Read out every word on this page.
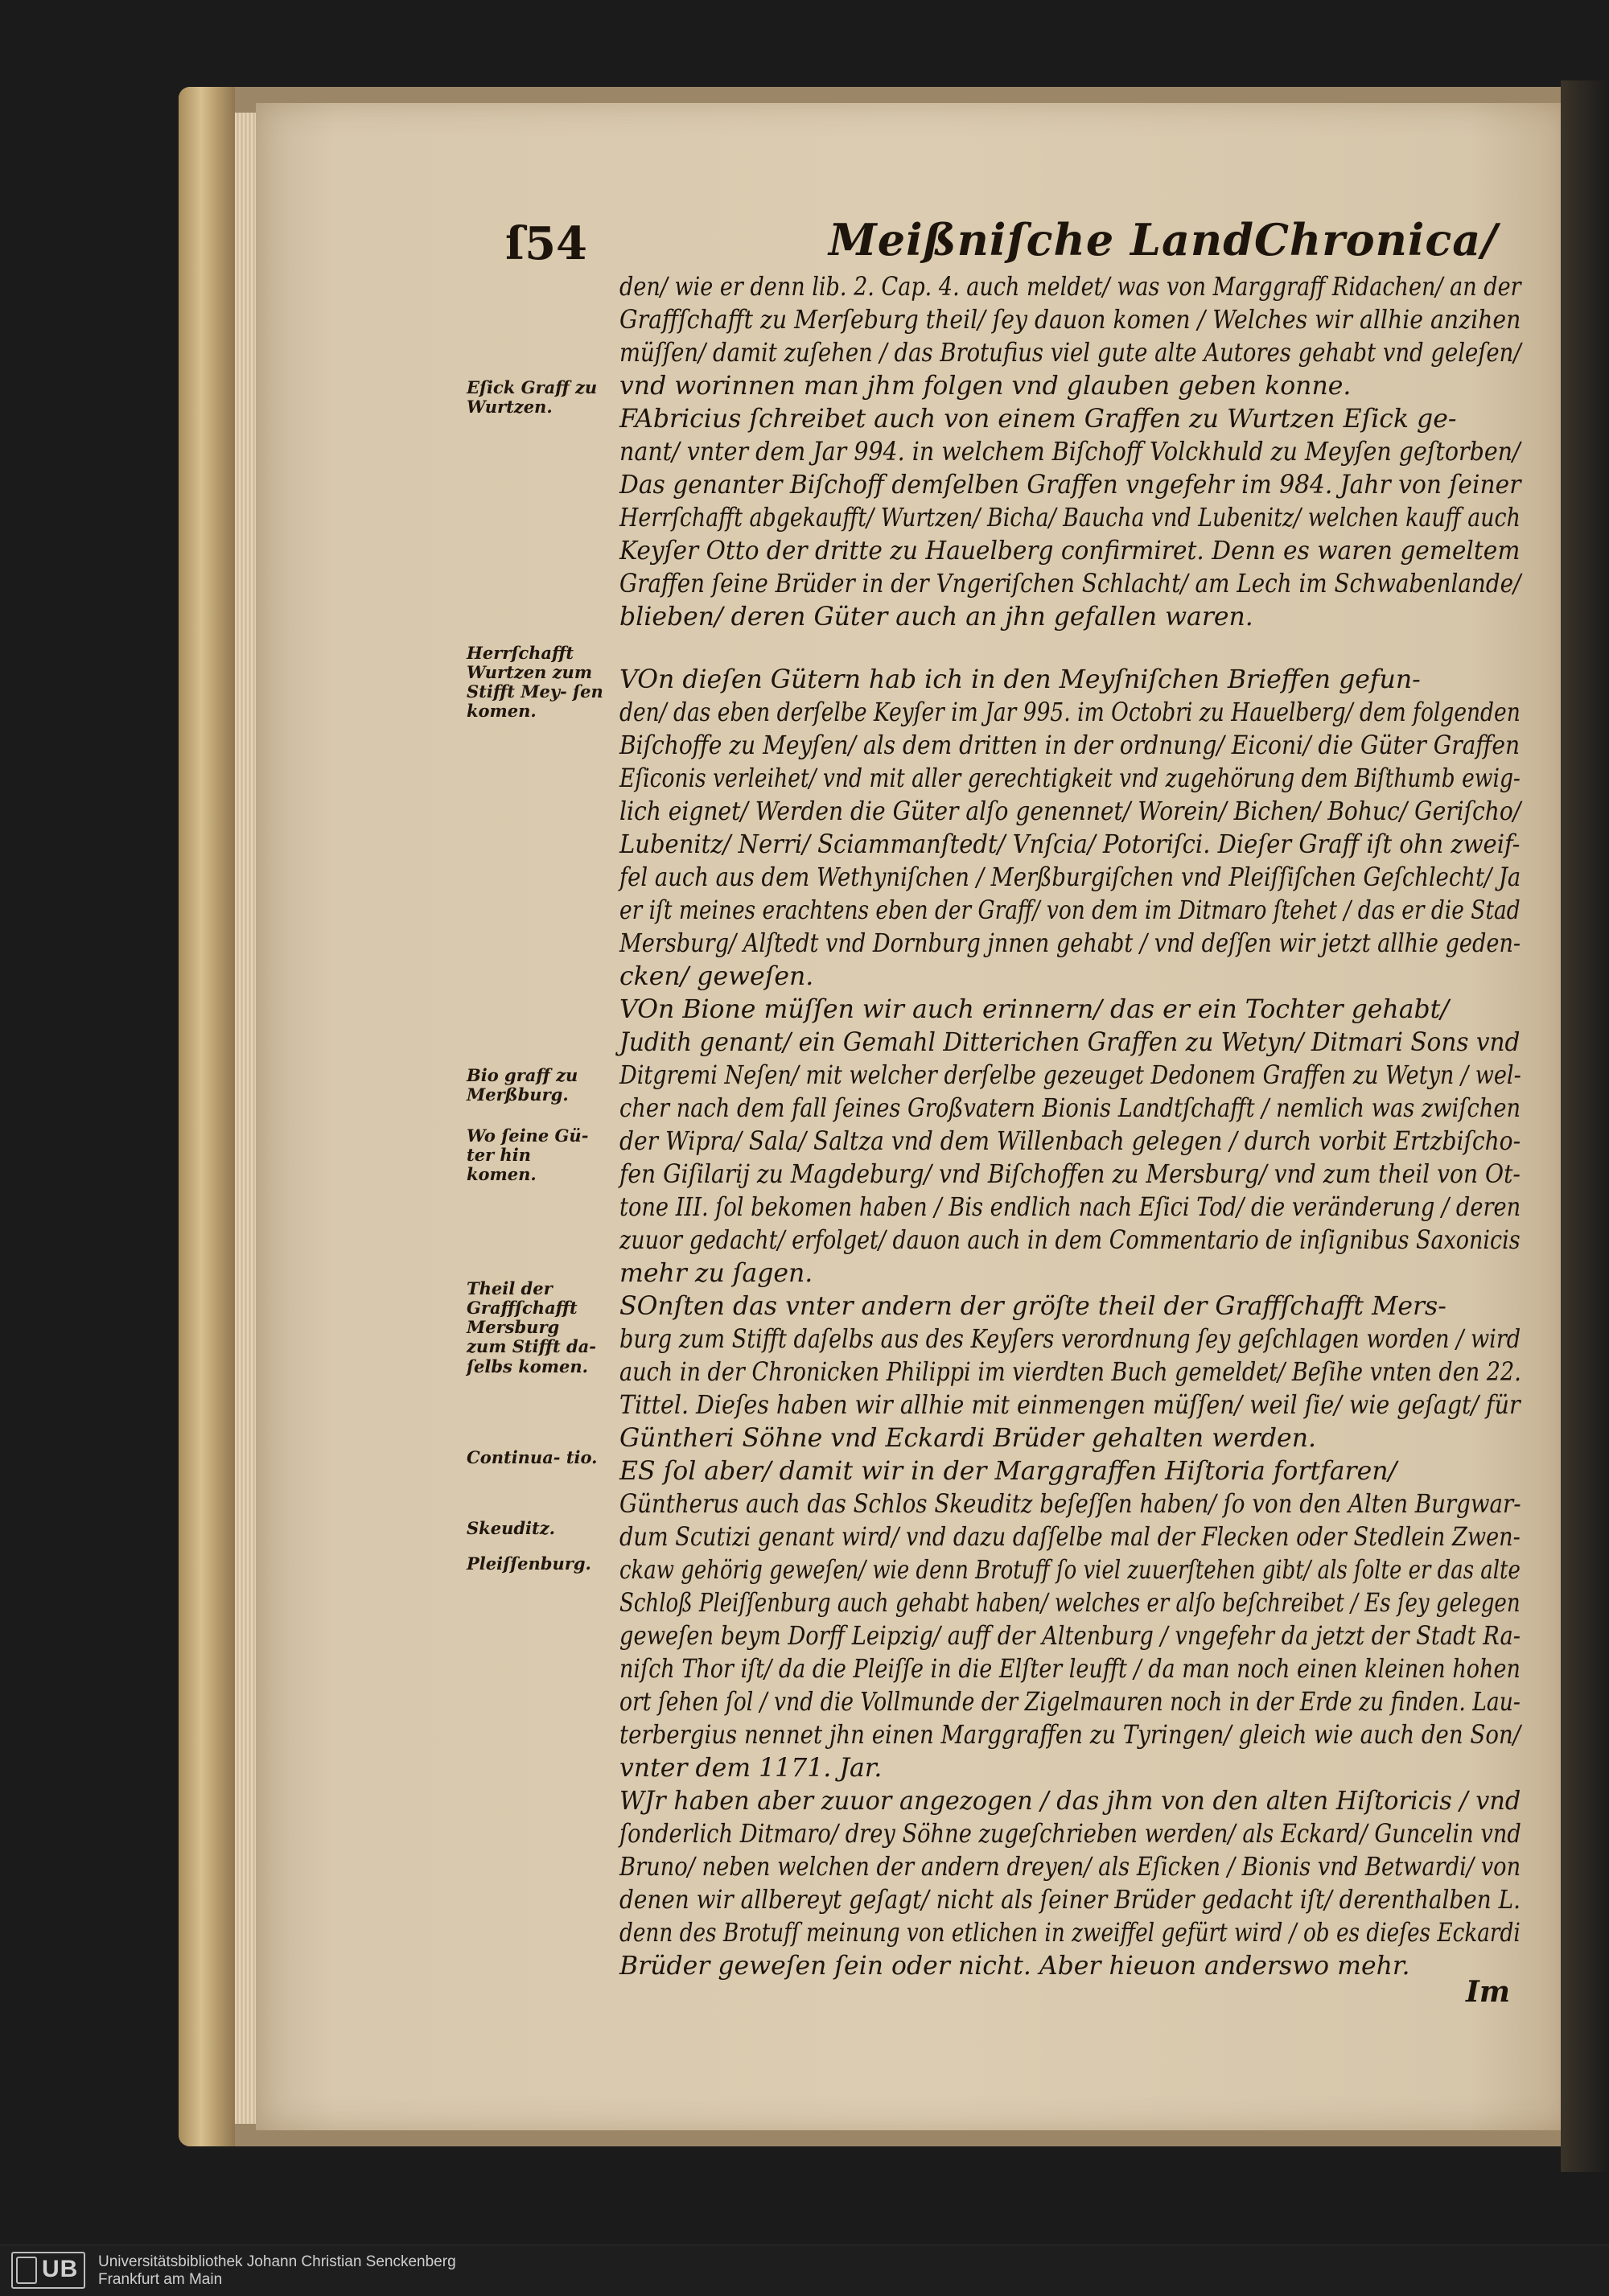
ſ54	Meißniſche LandChronica/
den/ wie er denn lib. 2. Cap. 4. auch meldet/ was von Marggraff Ridachen/ an der
Graffſchafft zu Merſeburg theil/ ſey dauon komen / Welches wir allhie anzihen
müſſen/ damit zuſehen / das Brotufius viel gute alte Autores gehabt vnd geleſen/
vnd worinnen man jhm folgen vnd glauben geben konne.
FAbricius ſchreibet auch von einem Graffen zu Wurtzen Eſick ge-
nant/ vnter dem Jar 994. in welchem Biſchoff Volckhuld zu Meyſen geſtorben/
Das genanter Biſchoff demſelben Graffen vngefehr im 984. Jahr von ſeiner
Herrſchafft abgekaufft/ Wurtzen/ Bicha/ Baucha vnd Lubenitz/ welchen kauff auch
Keyſer Otto der dritte zu Hauelberg confirmiret. Denn es waren gemeltem
Graffen ſeine Brüder in der Vngeriſchen Schlacht/ am Lech im Schwabenlande/
blieben/ deren Güter auch an jhn gefallen waren.
VOn dieſen Gütern hab ich in den Meyſniſchen Brieffen gefun-
den/ das eben derſelbe Keyſer im Jar 995. im Octobri zu Hauelberg/ dem folgenden
Biſchoffe zu Meyſen/ als dem dritten in der ordnung/ Eiconi/ die Güter Graffen
Eſiconis verleihet/ vnd mit aller gerechtigkeit vnd zugehörung dem Biſthumb ewig-
lich eignet/ Werden die Güter alſo genennet/ Worein/ Bichen/ Bohuc/ Geriſcho/
Lubenitz/ Nerri/ Sciammanſtedt/ Vnſcia/ Potoriſci. Dieſer Graff iſt ohn zweif-
fel auch aus dem Wethyniſchen / Merßburgiſchen vnd Pleiſſiſchen Geſchlecht/ Ja
er iſt meines erachtens eben der Graff/ von dem im Ditmaro ſtehet / das er die Stad
Mersburg/ Alſtedt vnd Dornburg jnnen gehabt / vnd deſſen wir jetzt allhie geden-
cken/ geweſen.
VOn Bione müſſen wir auch erinnern/ das er ein Tochter gehabt/
Judith genant/ ein Gemahl Ditterichen Graffen zu Wetyn/ Ditmari Sons vnd
Ditgremi Neſen/ mit welcher derſelbe gezeuget Dedonem Graffen zu Wetyn / wel-
cher nach dem fall ſeines Großvatern Bionis Landtſchafft / nemlich was zwiſchen
der Wipra/ Sala/ Saltza vnd dem Willenbach gelegen / durch vorbit Ertzbiſcho-
fen Giſilarij zu Magdeburg/ vnd Biſchoffen zu Mersburg/ vnd zum theil von Ot-
tone III. ſol bekomen haben / Bis endlich nach Eſici Tod/ die veränderung / deren
zuuor gedacht/ erfolget/ dauon auch in dem Commentario de inſignibus Saxonicis
mehr zu ſagen.
SOnſten das vnter andern der gröſte theil der Graffſchafft Mers-
burg zum Stifft daſelbs aus des Keyſers verordnung ſey geſchlagen worden / wird
auch in der Chronicken Philippi im vierdten Buch gemeldet/ Beſihe vnten den 22.
Tittel. Dieſes haben wir allhie mit einmengen müſſen/ weil ſie/ wie geſagt/ für
Güntheri Söhne vnd Eckardi Brüder gehalten werden.
ES ſol aber/ damit wir in der Marggraffen Hiſtoria fortfaren/
Güntherus auch das Schlos Skeuditz beſeſſen haben/ ſo von den Alten Burgwar-
dum Scutizi genant wird/ vnd dazu daſſelbe mal der Flecken oder Stedlein Zwen-
ckaw gehörig geweſen/ wie denn Brotuff ſo viel zuuerſtehen gibt/ als ſolte er das alte
Schloß Pleiſſenburg auch gehabt haben/ welches er alſo beſchreibet / Es ſey gelegen
geweſen beym Dorff Leipzig/ auff der Altenburg / vngefehr da jetzt der Stadt Ra-
niſch Thor iſt/ da die Pleiſſe in die Elſter leufft / da man noch einen kleinen hohen
ort ſehen ſol / vnd die Vollmunde der Zigelmauren noch in der Erde zu finden. Lau-
terbergius nennet jhn einen Marggraffen zu Tyringen/ gleich wie auch den Son/
vnter dem 1171. Jar.
WJr haben aber zuuor angezogen / das jhm von den alten Hiſtoricis / vnd
ſonderlich Ditmaro/ drey Söhne zugeſchrieben werden/ als Eckard/ Guncelin vnd
Bruno/ neben welchen der andern dreyen/ als Eſicken / Bionis vnd Betwardi/ von
denen wir allbereyt geſagt/ nicht als ſeiner Brüder gedacht iſt/ derenthalben L.
denn des Brotufſ meinung von etlichen in zweiffel gefürt wird / ob es dieſes Eckardi
Brüder geweſen ſein oder nicht. Aber hieuon anderswo mehr.
Im
Eſick Graff zu Wurtzen.
Herrſchafft Wurtzen zum Stifft Mey- ſen komen.
Bio graff zu Merßburg.
Wo ſeine Gü- ter hin komen.
Theil der Graffſchafft Mersburg zum Stifft da- ſelbs komen.
Continua- tio.
Skeuditz.
Pleiſſenburg.
UB Universitätsbibliothek Johann Christian Senckenberg
Frankfurt am Main
